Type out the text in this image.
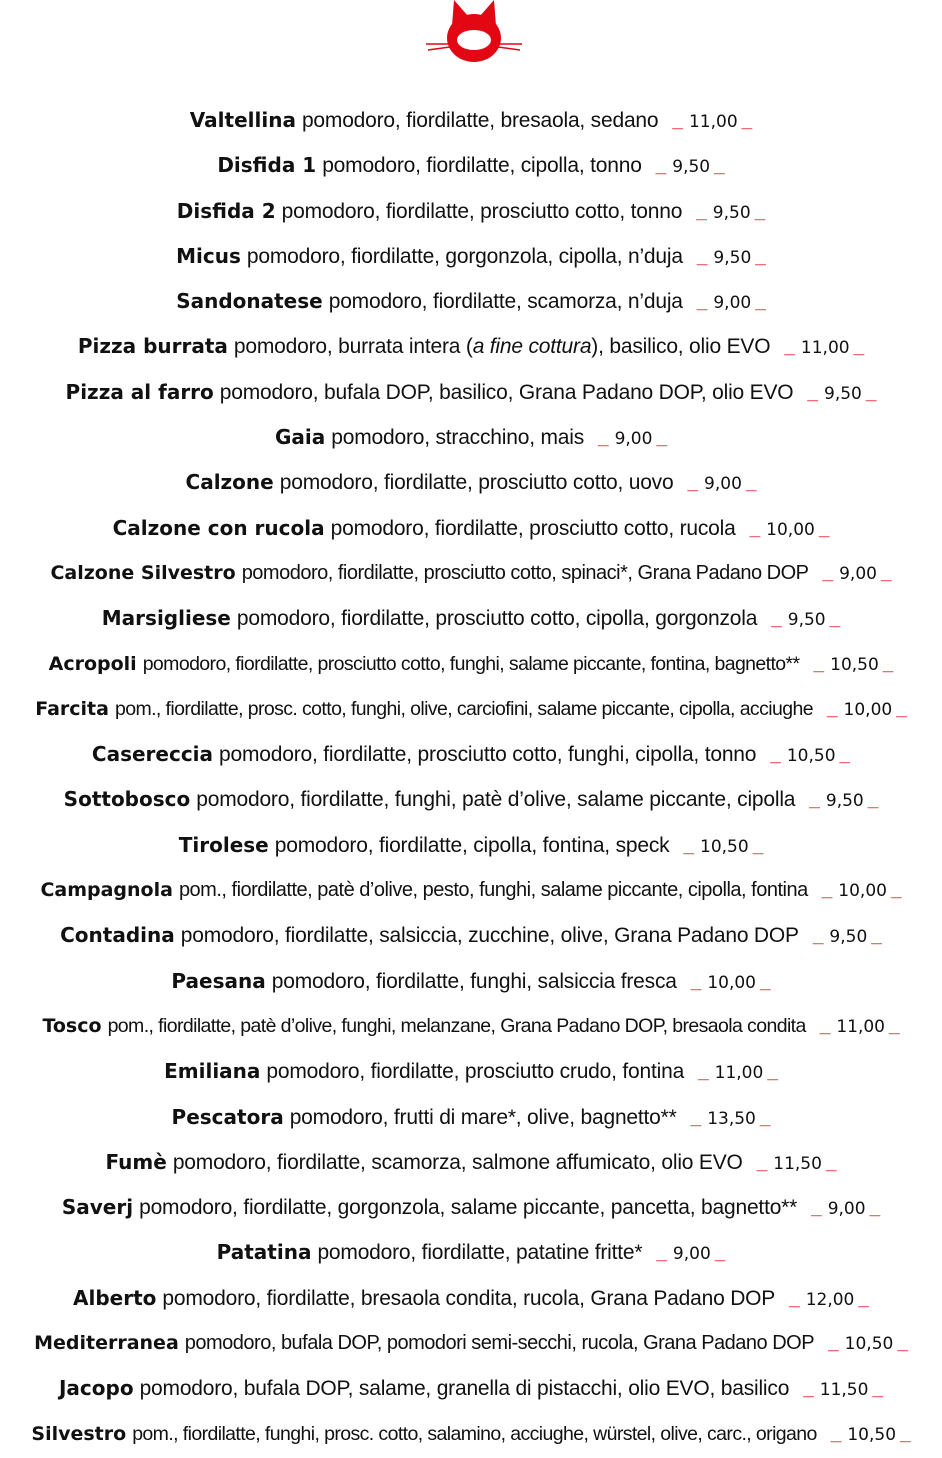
Valtellina pomodoro, fiordilatte, bresaola, sedano _ 11,00 _
Disfida 1 pomodoro, fiordilatte, cipolla, tonno _ 9,50 _
Disfida 2 pomodoro, fiordilatte, prosciutto cotto, tonno _ 9,50 _
Micus pomodoro, fiordilatte, gorgonzola, cipolla, n’duja _ 9,50 _
Sandonatese pomodoro, fiordilatte, scamorza, n’duja _ 9,00 _
Pizza burrata pomodoro, burrata intera (a fine cottura), basilico, olio EVO _ 11,00 _
Pizza al farro pomodoro, bufala DOP, basilico, Grana Padano DOP, olio EVO _ 9,50 _
Gaia pomodoro, stracchino, mais _ 9,00 _
Calzone pomodoro, fiordilatte, prosciutto cotto, uovo _ 9,00 _
Calzone con rucola pomodoro, fiordilatte, prosciutto cotto, rucola _ 10,00 _
Calzone Silvestro pomodoro, fiordilatte, prosciutto cotto, spinaci*, Grana Padano DOP _ 9,00 _
Marsigliese pomodoro, fiordilatte, prosciutto cotto, cipolla, gorgonzola _ 9,50 _
Acropoli pomodoro, fiordilatte, prosciutto cotto, funghi, salame piccante, fontina, bagnetto** _ 10,50 _
Farcita pom., fiordilatte, prosc. cotto, funghi, olive, carciofini, salame piccante, cipolla, acciughe _ 10,00 _
Casereccia pomodoro, fiordilatte, prosciutto cotto, funghi, cipolla, tonno _ 10,50 _
Sottobosco pomodoro, fiordilatte, funghi, patè d’olive, salame piccante, cipolla _ 9,50 _
Tirolese pomodoro, fiordilatte, cipolla, fontina, speck _ 10,50 _
Campagnola pom., fiordilatte, patè d’olive, pesto, funghi, salame piccante, cipolla, fontina _ 10,00 _
Contadina pomodoro, fiordilatte, salsiccia, zucchine, olive, Grana Padano DOP _ 9,50 _
Paesana pomodoro, fiordilatte, funghi, salsiccia fresca _ 10,00 _
Tosco pom., fiordilatte, patè d’olive, funghi, melanzane, Grana Padano DOP, bresaola condita _ 11,00 _
Emiliana pomodoro, fiordilatte, prosciutto crudo, fontina _ 11,00 _
Pescatora pomodoro, frutti di mare*, olive, bagnetto** _ 13,50 _
Fumè pomodoro, fiordilatte, scamorza, salmone affumicato, olio EVO _ 11,50 _
Saverj pomodoro, fiordilatte, gorgonzola, salame piccante, pancetta, bagnetto** _ 9,00 _
Patatina pomodoro, fiordilatte, patatine fritte* _ 9,00 _
Alberto pomodoro, fiordilatte, bresaola condita, rucola, Grana Padano DOP _ 12,00 _
Mediterranea pomodoro, bufala DOP, pomodori semi-secchi, rucola, Grana Padano DOP _ 10,50 _
Jacopo pomodoro, bufala DOP, salame, granella di pistacchi, olio EVO, basilico _ 11,50 _
Silvestro pom., fiordilatte, funghi, prosc. cotto, salamino, acciughe, würstel, olive, carc., origano _ 10,50 _
